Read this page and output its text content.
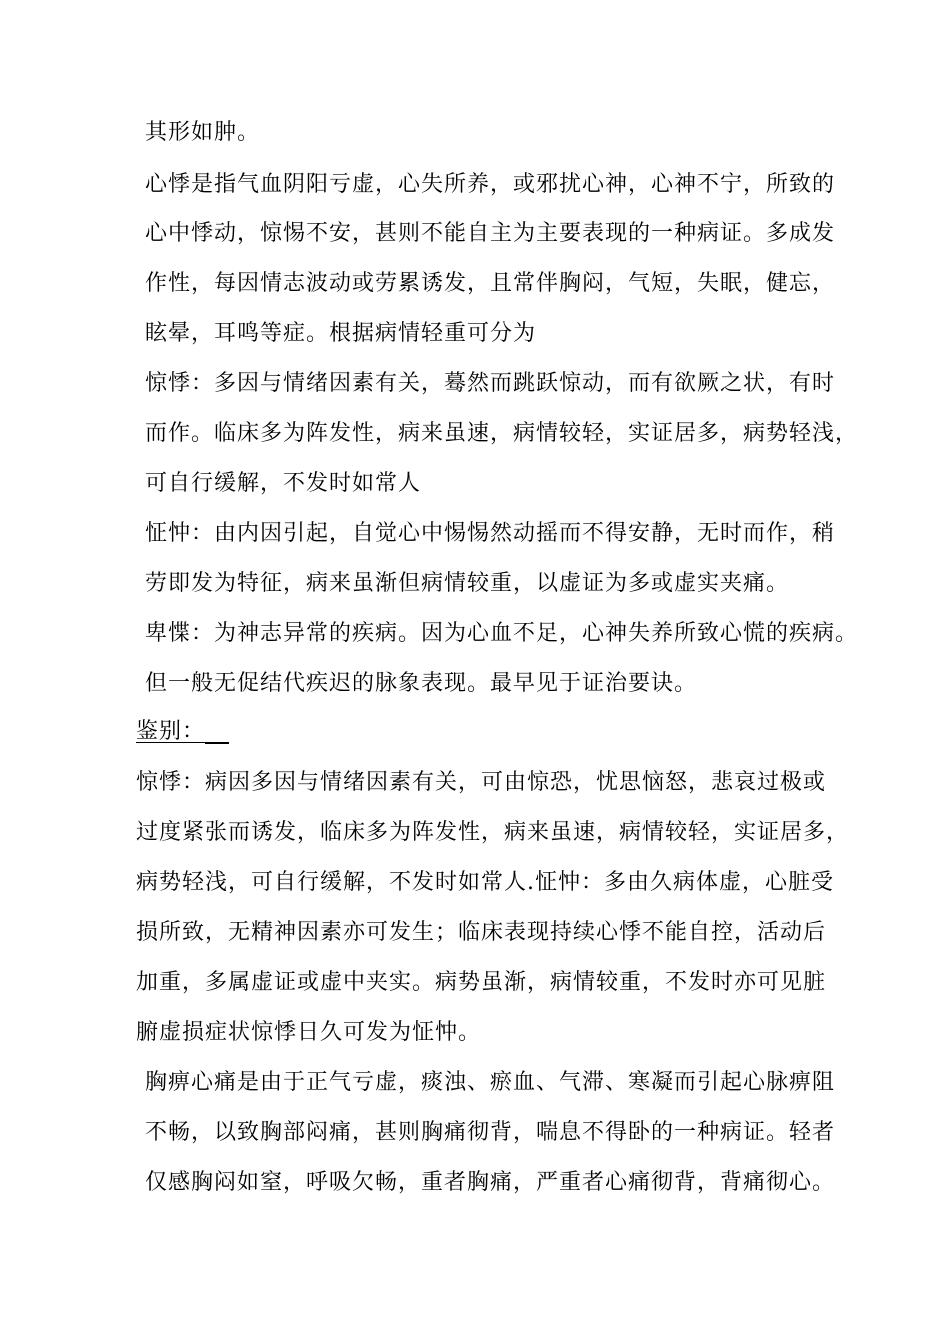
其形如肿。
心悸是指气血阴阳亏虚，心失所养，或邪扰心神，心神不宁，所致的
心中悸动，惊惕不安，甚则不能自主为主要表现的一种病证。多成发
作性，每因情志波动或劳累诱发，且常伴胸闷，气短，失眠，健忘，
眩晕，耳鸣等症。根据病情轻重可分为
惊悸：多因与情绪因素有关，蓦然而跳跃惊动，而有欲厥之状，有时
而作。临床多为阵发性，病来虽速，病情较轻，实证居多，病势轻浅，
可自行缓解，不发时如常人
怔忡：由内因引起，自觉心中惕惕然动摇而不得安静，无时而作，稍
劳即发为特征，病来虽渐但病情较重，以虚证为多或虚实夹痛。
卑惵：为神志异常的疾病。因为心血不足，心神失养所致心慌的疾病。
但一般无促结代疾迟的脉象表现。最早见于证治要诀。
鉴别：
惊悸：病因多因与情绪因素有关，可由惊恐，忧思恼怒，悲哀过极或
过度紧张而诱发，临床多为阵发性，病来虽速，病情较轻，实证居多，
病势轻浅，可自行缓解，不发时如常人.怔忡：多由久病体虚，心脏受
损所致，无精神因素亦可发生；临床表现持续心悸不能自控，活动后
加重，多属虚证或虚中夹实。病势虽渐，病情较重，不发时亦可见脏
腑虚损症状惊悸日久可发为怔忡。
胸痹心痛是由于正气亏虚，痰浊、瘀血、气滞、寒凝而引起心脉痹阻
不畅，以致胸部闷痛，甚则胸痛彻背，喘息不得卧的一种病证。轻者
仅感胸闷如窒，呼吸欠畅，重者胸痛，严重者心痛彻背，背痛彻心。
